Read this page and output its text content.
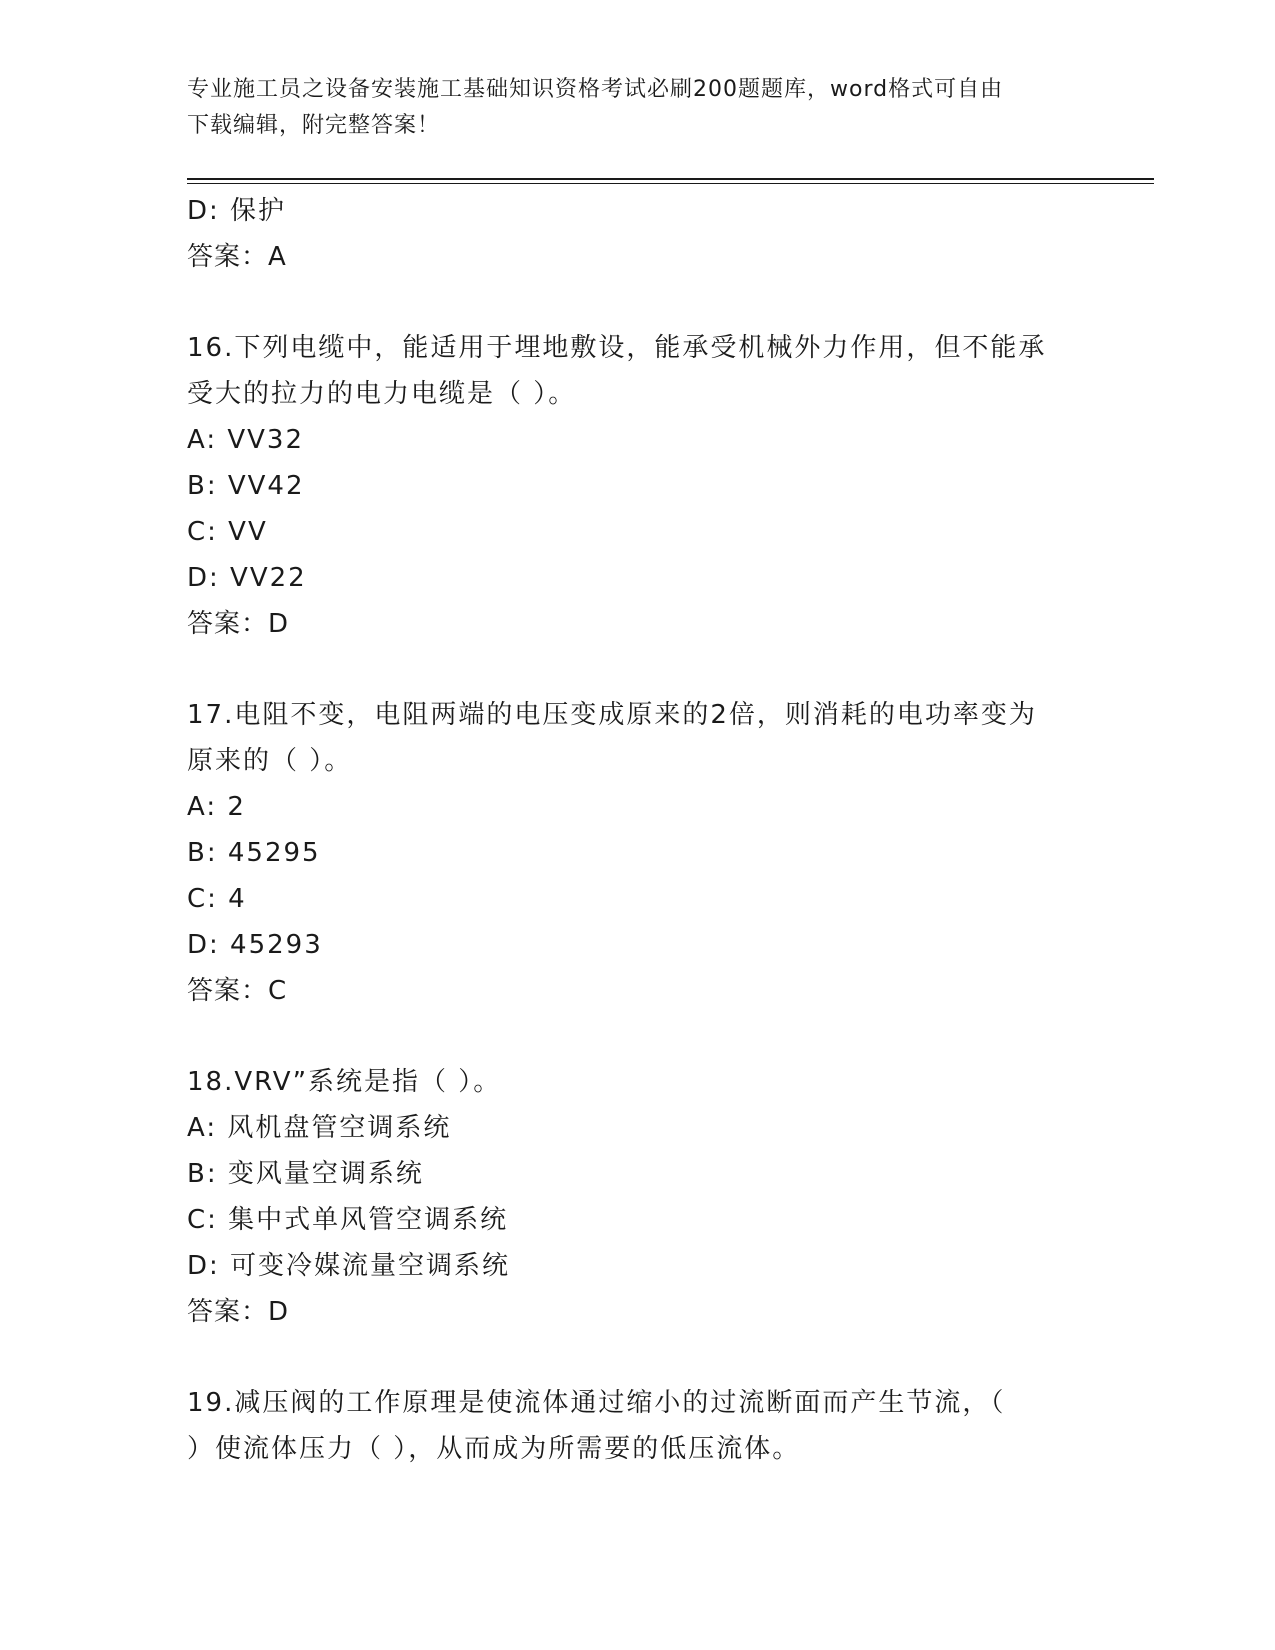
专业施工员之设备安装施工基础知识资格考试必刷200题题库，word格式可自由
下载编辑，附完整答案！
D: 保护
答案：A
16.下列电缆中，能适用于埋地敷设，能承受机械外力作用，但不能承
受大的拉力的电力电缆是（ ）。
A: VV32
B: VV42
C: VV
D: VV22
答案：D
17.电阻不变，电阻两端的电压变成原来的2倍，则消耗的电功率变为
原来的（ ）。
A: 2
B: 45295
C: 4
D: 45293
答案：C
18.VRV”系统是指（ ）。
A: 风机盘管空调系统
B: 变风量空调系统
C: 集中式单风管空调系统
D: 可变冷媒流量空调系统
答案：D
19.减压阀的工作原理是使流体通过缩小的过流断面而产生节流，（
）使流体压力（ ），从而成为所需要的低压流体。
